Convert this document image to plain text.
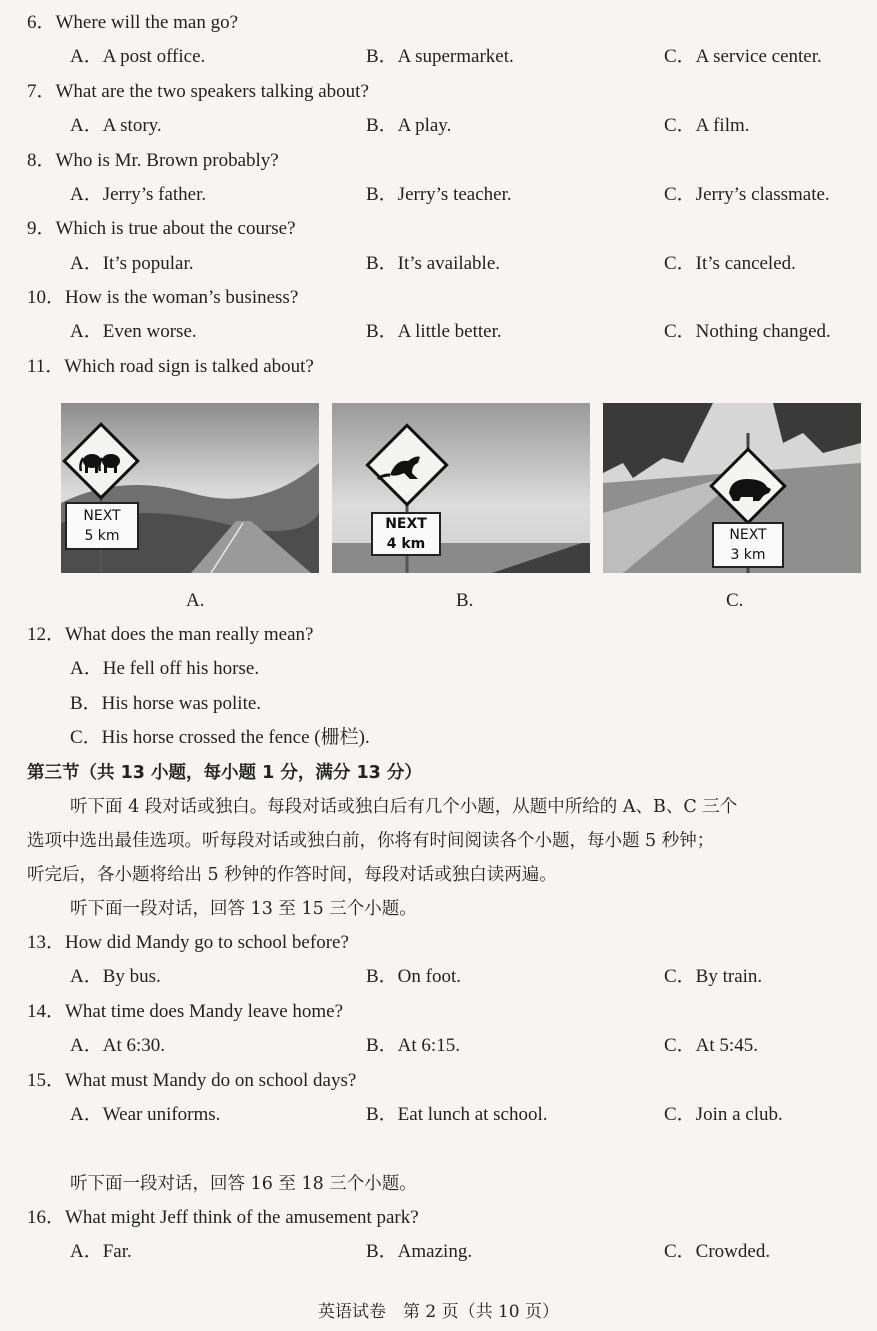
6．Where will the man go?
A．A post office.	B．A supermarket.	C．A service center.
7．What are the two speakers talking about?
A．A story.	B．A play.	C．A film.
8．Who is Mr. Brown probably?
A．Jerry’s father.	B．Jerry’s teacher.	C．Jerry’s classmate.
9．Which is true about the course?
A．It’s popular.	B．It’s available.	C．It’s canceled.
10．How is the woman’s business?
A．Even worse.	B．A little better.	C．Nothing changed.
11．Which road sign is talked about?
NEXT
5 km
NEXT
4 km
NEXT
3 km
A.	B.	C.
12．What does the man really mean?
A．He fell off his horse.
B．His horse was polite.
C．His horse crossed the fence (栅栏).
第三节（共 13 小题，每小题 1 分，满分 13 分）
听下面 4 段对话或独白。每段对话或独白后有几个小题，从题中所给的 A、B、C 三个
选项中选出最佳选项。听每段对话或独白前，你将有时间阅读各个小题，每小题 5 秒钟；
听完后，各小题将给出 5 秒钟的作答时间，每段对话或独白读两遍。
听下面一段对话，回答 13 至 15 三个小题。
13．How did Mandy go to school before?
A．By bus.	B．On foot.	C．By train.
14．What time does Mandy leave home?
A．At 6:30.	B．At 6:15.	C．At 5:45.
15．What must Mandy do on school days?
A．Wear uniforms.	B．Eat lunch at school.	C．Join a club.
听下面一段对话，回答 16 至 18 三个小题。
16．What might Jeff think of the amusement park?
A．Far.	B．Amazing.	C．Crowded.
英语试卷　第 2 页（共 10 页）
